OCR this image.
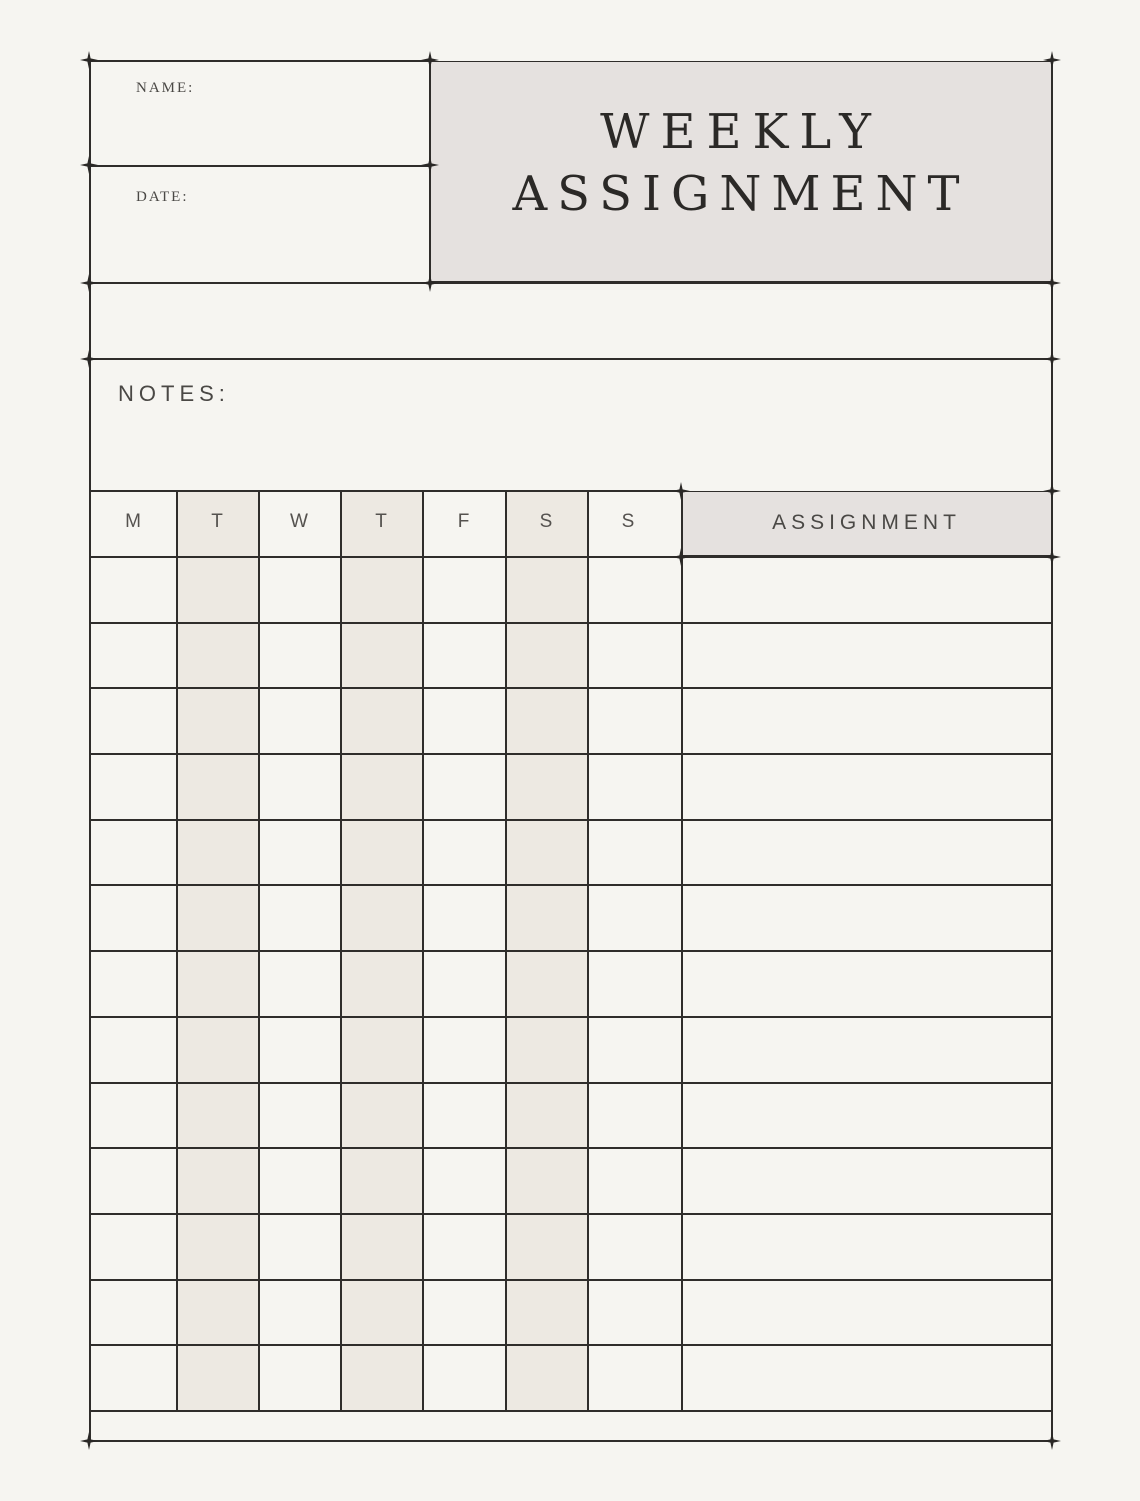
WEEKLY
ASSIGNMENT
NAME:
DATE:
NOTES:
M	T	W	T	F	S	S	ASSIGNMENT
